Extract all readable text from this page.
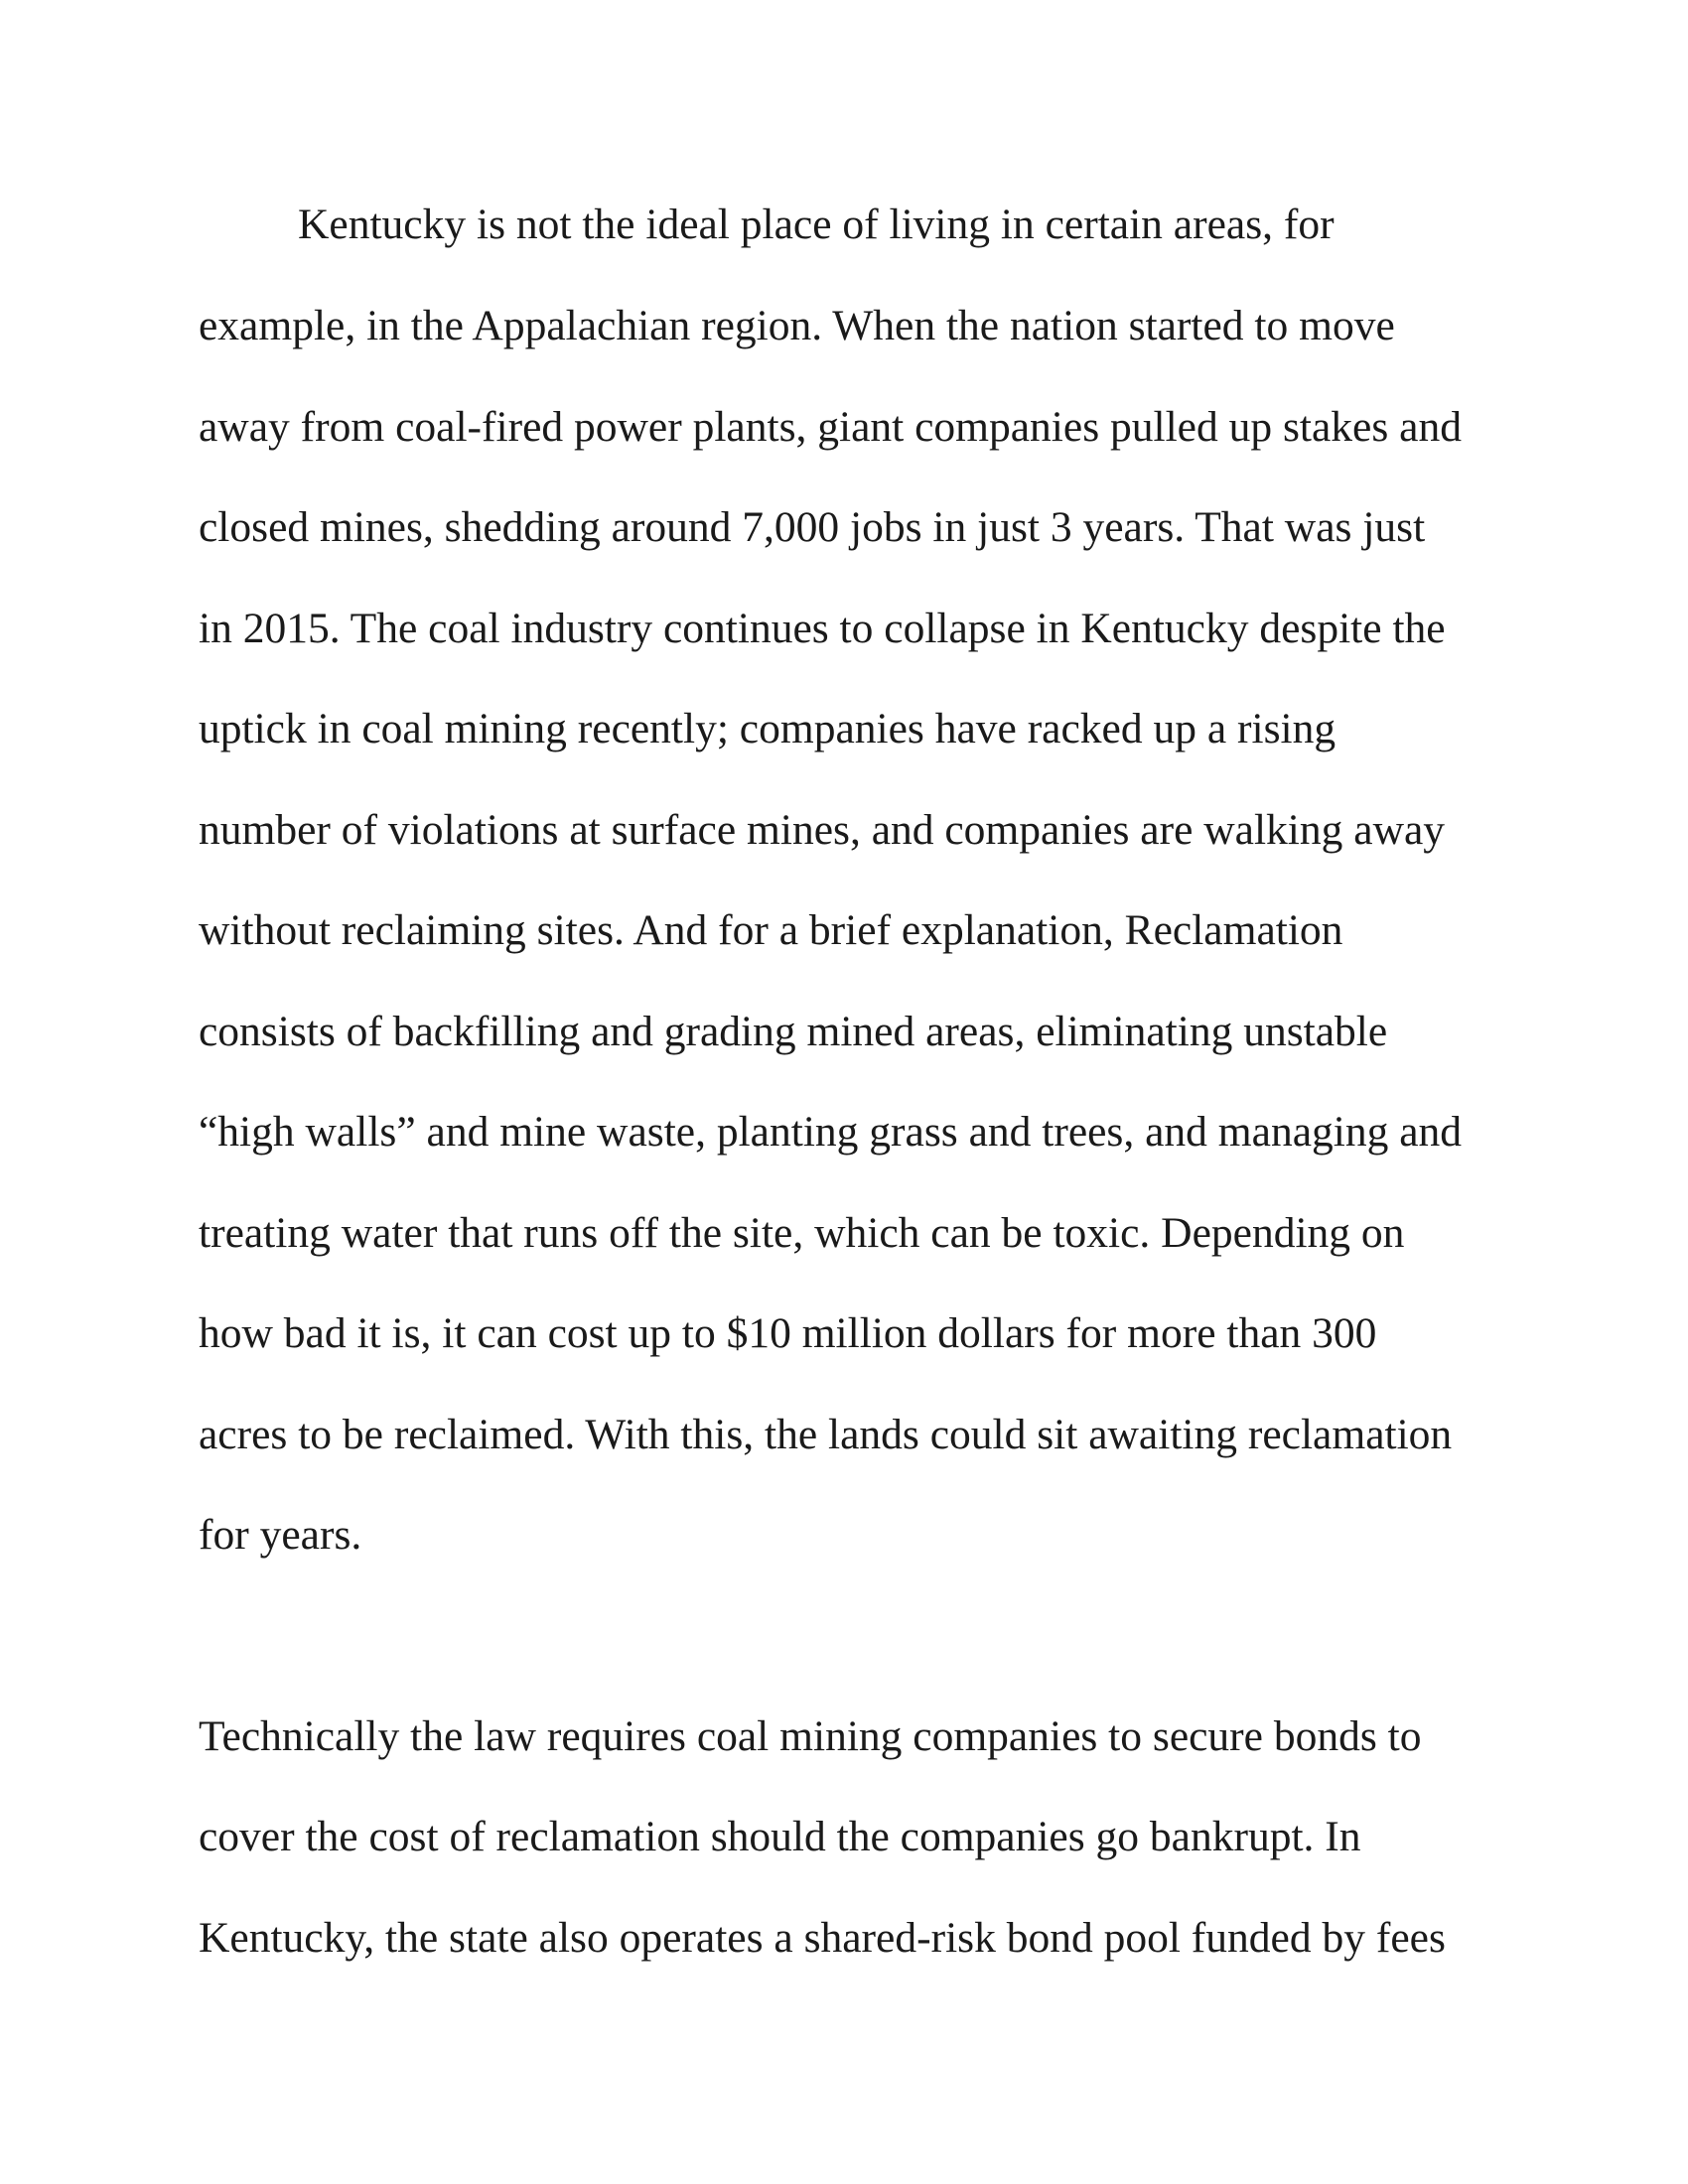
Kentucky is not the ideal place of living in certain areas, for
example, in the Appalachian region. When the nation started to move
away from coal-fired power plants, giant companies pulled up stakes and
closed mines, shedding around 7,000 jobs in just 3 years. That was just
in 2015. The coal industry continues to collapse in Kentucky despite the
uptick in coal mining recently; companies have racked up a rising
number of violations at surface mines, and companies are walking away
without reclaiming sites. And for a brief explanation, Reclamation
consists of backfilling and grading mined areas, eliminating unstable
“high walls” and mine waste, planting grass and trees, and managing and
treating water that runs off the site, which can be toxic. Depending on
how bad it is, it can cost up to $10 million dollars for more than 300
acres to be reclaimed. With this, the lands could sit awaiting reclamation
for years.
Technically the law requires coal mining companies to secure bonds to
cover the cost of reclamation should the companies go bankrupt. In
Kentucky, the state also operates a shared-risk bond pool funded by fees
